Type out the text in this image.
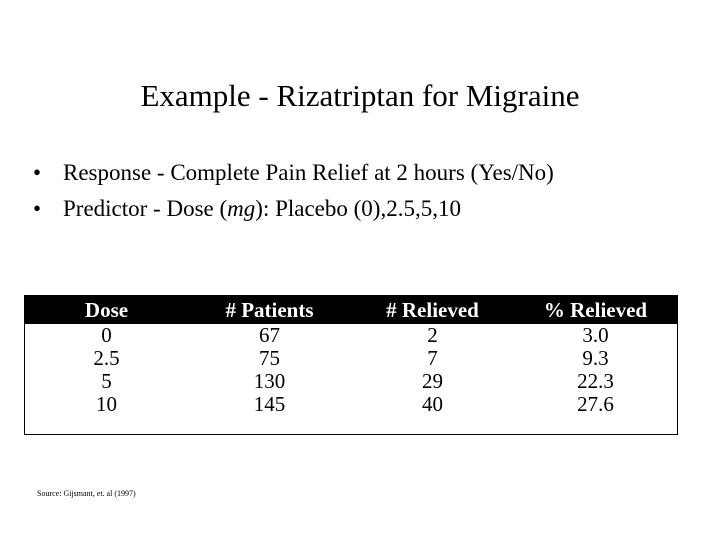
Example - Rizatriptan for Migraine
• Response - Complete Pain Relief at 2 hours (Yes/No)
• Predictor - Dose (mg): Placebo (0),2.5,5,10
Dose	# Patients	# Relieved	% Relieved
0	67	2	3.0
2.5	75	7	9.3
5	130	29	22.3
10	145	40	27.6
Source: Gijsmant, et. al (1997)
